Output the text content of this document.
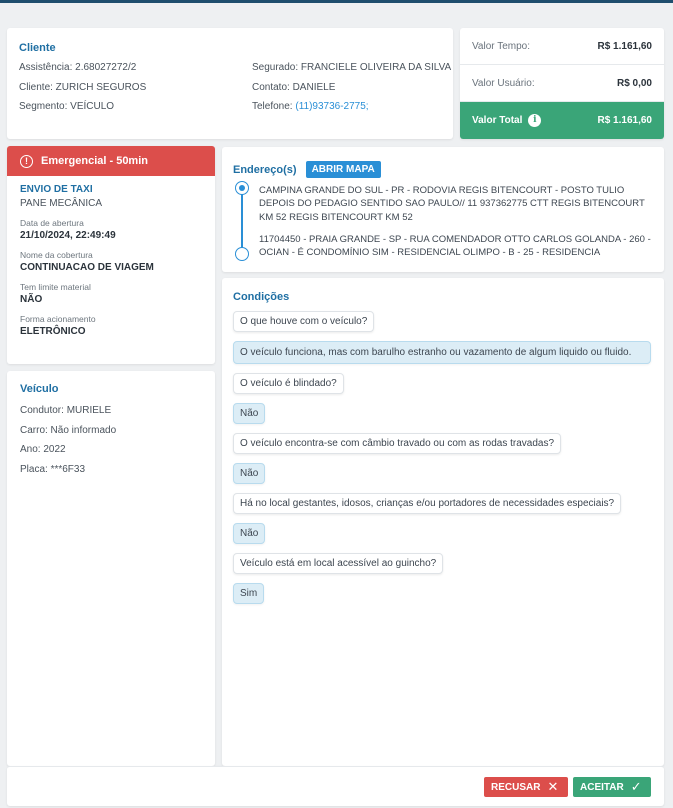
Cliente
Assistência: 2.68027272/2
Cliente: ZURICH SEGUROS
Segmento: VEÍCULO
Segurado: FRANCIELE OLIVEIRA DA SILVA
Contato: DANIELE
Telefone: (11)93736-2775;
Valor Tempo:	R$ 1.161,60
Valor Usuário:	R$ 0,00
Valor Total i	R$ 1.161,60
!	Emergencial - 50min
ENVIO DE TAXI
PANE MECÂNICA
Data de abertura
21/10/2024, 22:49:49
Nome da cobertura
CONTINUACAO DE VIAGEM
Tem limite material
NÃO
Forma acionamento
ELETRÔNICO
Veículo
Condutor: MURIELE
Carro: Não informado
Ano: 2022
Placa: ***6F33
Endereço(s)	ABRIR MAPA
CAMPINA GRANDE DO SUL - PR - RODOVIA REGIS BITENCOURT - POSTO TULIO DEPOIS DO PEDAGIO SENTIDO SAO PAULO// 11 937362775 CTT REGIS BITENCOURT KM 52 REGIS BITENCOURT KM 52
11704450 - PRAIA GRANDE - SP - RUA COMENDADOR OTTO CARLOS GOLANDA - 260 - OCIAN - É CONDOMÍNIO SIM - RESIDENCIAL OLIMPO - B - 25 - RESIDENCIA
Condições
O que houve com o veículo?
O veículo funciona, mas com barulho estranho ou vazamento de algum liquido ou fluido.
O veículo é blindado?
Não
O veículo encontra-se com câmbio travado ou com as rodas travadas?
Não
Há no local gestantes, idosos, crianças e/ou portadores de necessidades especiais?
Não
Veículo está em local acessível ao guincho?
Sim
RECUSAR ✕ ACEITAR ✓
